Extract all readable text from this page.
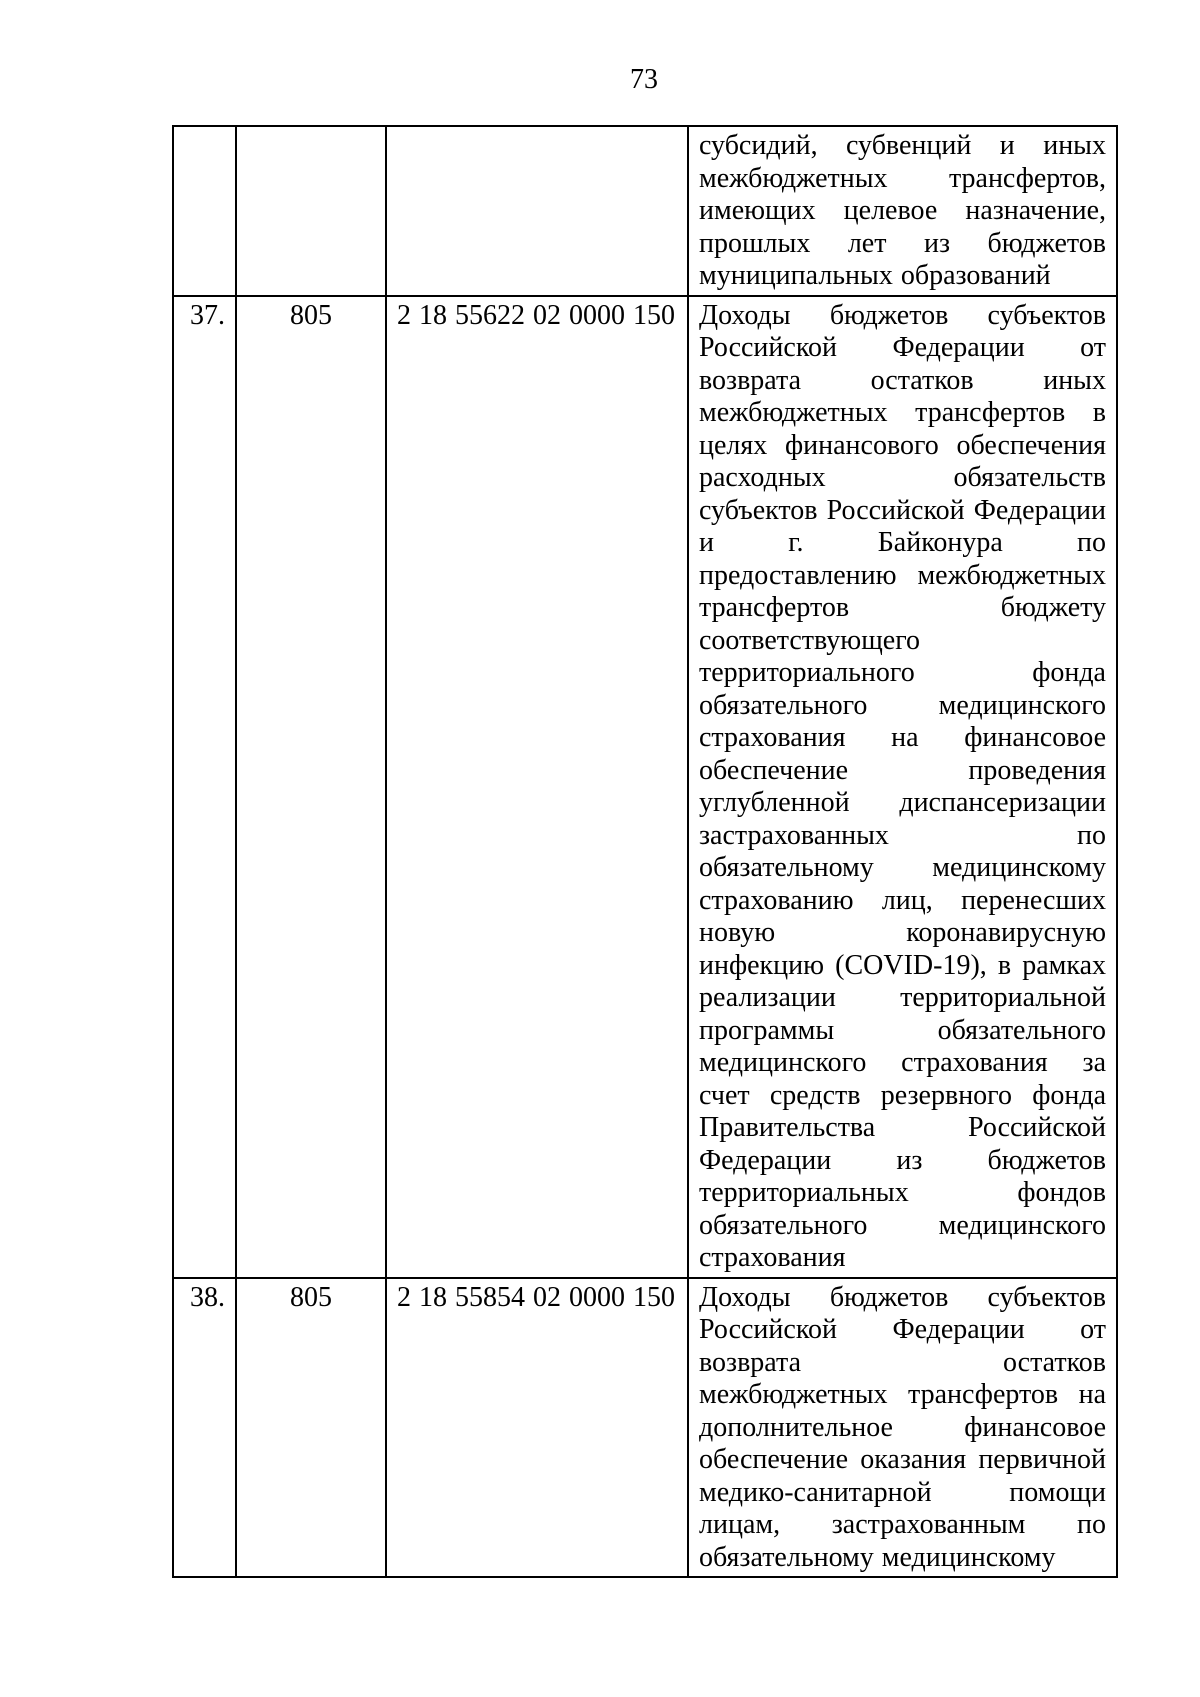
73
			субсидий, субвенций и иных межбюджетных трансфертов, имеющих целевое назначение, прошлых лет из бюджетов муниципальных образований
37.	805	2 18 55622 02 0000 150	Доходы бюджетов субъектов Российской Федерации от возврата остатков иных межбюджетных трансфертов в целях финансового обеспечения расходных обязательств субъектов Российской Федерации и г. Байконура по предоставлению межбюджетных трансфертов бюджету соответствующего территориального фонда обязательного медицинского страхования на финансовое обеспечение проведения углубленной диспансеризации застрахованных по обязательному медицинскому страхованию лиц, перенесших новую коронавирусную инфекцию (COVID-19), в рамках реализации территориальной программы обязательного медицинского страхования за счет средств резервного фонда Правительства Российской Федерации из бюджетов территориальных фондов обязательного медицинского страхования
38.	805	2 18 55854 02 0000 150	Доходы бюджетов субъектов Российской Федерации от возврата остатков межбюджетных трансфертов на дополнительное финансовое обеспечение оказания первичной медико-санитарной помощи лицам, застрахованным по обязательному медицинскому
